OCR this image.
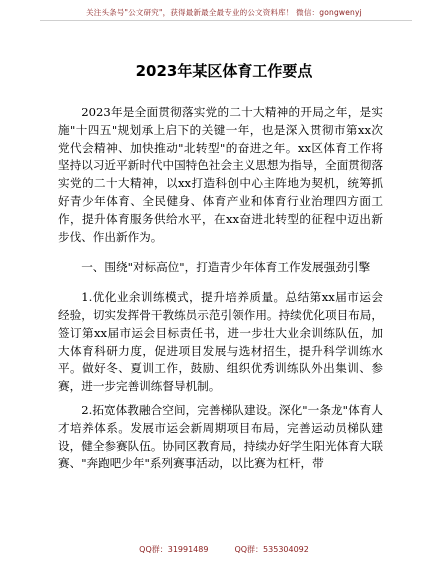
关注头条号"公文研究"，获得最新最全最专业的公文资料库！ 微信：gongwenyj
2023年某区体育工作要点

2023年是全面贯彻落实党的二十大精神的开局之年，是实施"十四五"规划承上启下的关键一年，也是深入贯彻市第xx次党代会精神、加快推动"北转型"的奋进之年。xx区体育工作将坚持以习近平新时代中国特色社会主义思想为指导，全面贯彻落实党的二十大精神，以xx打造科创中心主阵地为契机，统筹抓好青少年体育、全民健身、体育产业和体育行业治理四方面工作，提升体育服务供给水平，在xx奋进北转型的征程中迈出新步伐、作出新作为。

一、围绕"对标高位"，打造青少年体育工作发展强劲引擎

1.优化业余训练模式，提升培养质量。总结第xx届市运会经验，切实发挥骨干教练员示范引领作用。持续优化项目布局，签订第xx届市运会目标责任书，进一步壮大业余训练队伍，加大体育科研力度，促进项目发展与选材招生，提升科学训练水平。做好冬、夏训工作，鼓励、组织优秀训练队外出集训、参赛，进一步完善训练督导机制。

2.拓宽体教融合空间，完善梯队建设。深化"一条龙"体育人才培养体系。发展市运会新周期项目布局，完善运动员梯队建设，健全参赛队伍。协同区教育局，持续办好学生阳光体育大联赛、"奔跑吧少年"系列赛事活动，以比赛为杠杆，带

QQ群：31991489	QQ群：535304092
